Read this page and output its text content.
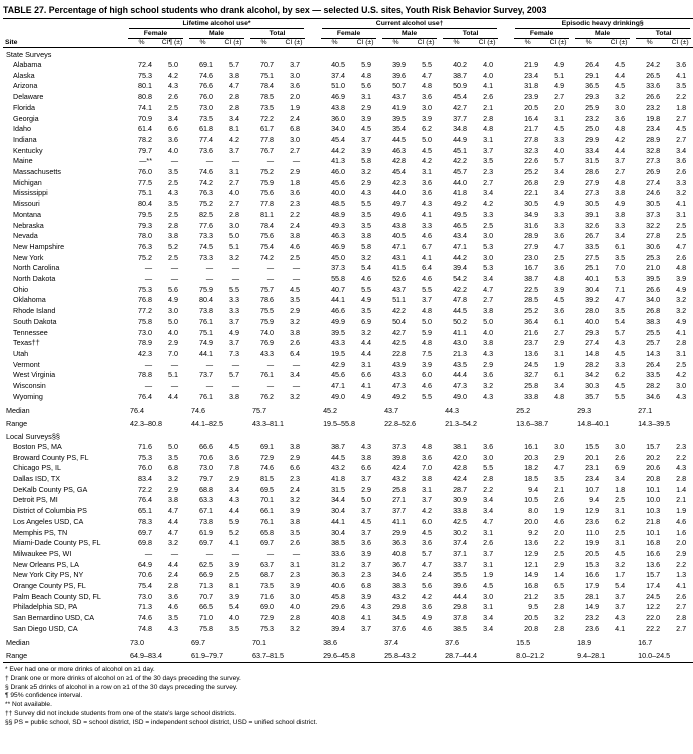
TABLE 27. Percentage of high school students who drank alcohol, by sex — selected U.S. sites, Youth Risk Behavior Survey, 2003

	Lifetime alcohol use*							Current alcohol use†							Episodic heavy drinking§					

	Female		Male		Total			Female		Male		Total			Female		Male		Total	

Site	%	CI¶ (±)	%	CI (±)	%	CI (±)		%	CI (±)	%	CI (±)	%	CI (±)		%	CI (±)	%	CI (±)	%	CI (±)
State Surveys																				
Alabama	72.4	5.0	69.1	5.7	70.7	3.7		40.5	5.9	39.9	5.5	40.2	4.0		21.9	4.9	26.4	4.5	24.2	3.6
Alaska	75.3	4.2	74.6	3.8	75.1	3.0		37.4	4.8	39.6	4.7	38.7	4.0		23.4	5.1	29.1	4.4	26.5	4.1
Arizona	80.1	4.3	76.6	4.7	78.4	3.6		51.0	5.6	50.7	4.8	50.9	4.1		31.8	4.9	36.5	4.5	33.6	3.5
Delaware	80.8	2.6	76.0	2.8	78.5	2.0		46.9	3.1	43.7	3.6	45.4	2.6		23.9	2.7	29.3	3.2	26.6	2.2
Florida	74.1	2.5	73.0	2.8	73.5	1.9		43.8	2.9	41.9	3.0	42.7	2.1		20.5	2.0	25.9	3.0	23.2	1.8
Georgia	70.9	3.4	73.5	3.4	72.2	2.4		36.0	3.9	39.5	3.9	37.7	2.8		16.4	3.1	23.2	3.6	19.8	2.7
Idaho	61.4	6.6	61.8	8.1	61.7	6.8		34.0	4.5	35.4	6.2	34.8	4.8		21.7	4.5	25.0	4.8	23.4	4.5
Indiana	78.2	3.6	77.4	4.2	77.8	3.0		45.4	3.7	44.5	5.0	44.9	3.1		27.8	3.3	29.9	4.2	28.9	2.7
Kentucky	79.7	4.0	73.6	3.7	76.7	2.7		44.2	3.9	46.3	4.5	45.1	3.7		32.3	4.0	33.4	4.4	32.8	3.4
Maine	—**	—	—	—	—	—		41.3	5.8	42.8	4.2	42.2	3.5		22.6	5.7	31.5	3.7	27.3	3.6
Massachusetts	76.0	3.5	74.6	3.1	75.2	2.9		46.0	3.2	45.4	3.1	45.7	2.3		25.2	3.4	28.6	2.7	26.9	2.6
Michigan	77.5	2.5	74.2	2.7	75.9	1.8		45.6	2.9	42.3	3.6	44.0	2.7		26.8	2.9	27.9	4.8	27.4	3.3
Mississippi	75.1	4.3	76.3	4.0	75.6	3.6		40.0	4.3	44.0	3.6	41.8	3.4		22.1	3.4	27.3	3.8	24.6	3.2
Missouri	80.4	3.5	75.2	2.7	77.8	2.3		48.5	5.5	49.7	4.3	49.2	4.2		30.5	4.9	30.5	4.9	30.5	4.1
Montana	79.5	2.5	82.5	2.8	81.1	2.2		48.9	3.5	49.6	4.1	49.5	3.3		34.9	3.3	39.1	3.8	37.3	3.1
Nebraska	79.3	2.8	77.6	3.0	78.4	2.4		49.3	3.5	43.8	3.3	46.5	2.5		31.6	3.3	32.6	3.3	32.2	2.5
Nevada	78.0	3.8	73.3	5.0	75.6	3.8		46.3	3.8	40.5	4.6	43.4	3.0		28.9	3.6	26.7	3.4	27.8	2.5
New Hampshire	76.3	5.2	74.5	5.1	75.4	4.6		46.9	5.8	47.1	6.7	47.1	5.3		27.9	4.7	33.5	6.1	30.6	4.7
New York	75.2	2.5	73.3	3.2	74.2	2.5		45.0	3.2	43.1	4.1	44.2	3.0		23.0	2.5	27.5	3.5	25.3	2.6
North Carolina	—	—	—	—	—	—		37.3	5.4	41.5	6.4	39.4	5.3		16.7	3.6	25.1	7.0	21.0	4.8
North Dakota	—	—	—	—	—	—		55.8	4.6	52.6	4.6	54.2	3.4		38.7	4.8	40.1	5.3	39.5	3.9
Ohio	75.3	5.6	75.9	5.5	75.7	4.5		40.7	5.5	43.7	5.5	42.2	4.7		22.5	3.9	30.4	7.1	26.6	4.9
Oklahoma	76.8	4.9	80.4	3.3	78.6	3.5		44.1	4.9	51.1	3.7	47.8	2.7		28.5	4.5	39.2	4.7	34.0	3.2
Rhode Island	77.2	3.0	73.8	3.3	75.5	2.9		46.6	3.5	42.2	4.8	44.5	3.8		25.2	3.6	28.0	3.5	26.8	3.2
South Dakota	75.8	5.0	76.1	3.7	75.9	3.2		49.9	6.9	50.4	5.0	50.2	5.0		36.4	6.1	40.0	5.4	38.3	4.9
Tennessee	73.0	4.0	75.1	4.9	74.0	3.8		39.5	3.2	42.7	5.9	41.1	4.0		21.6	2.7	29.3	5.7	25.5	4.1
Texas††	78.9	2.9	74.9	3.7	76.9	2.6		43.3	4.4	42.5	4.8	43.0	3.8		23.7	2.9	27.4	4.3	25.7	2.8
Utah	42.3	7.0	44.1	7.3	43.3	6.4		19.5	4.4	22.8	7.5	21.3	4.3		13.6	3.1	14.8	4.5	14.3	3.1
Vermont	—	—	—	—	—	—		42.9	3.1	43.9	3.9	43.5	2.9		24.5	1.9	28.2	3.3	26.4	2.5
West Virginia	78.8	5.1	73.7	5.7	76.1	3.4		45.6	6.6	43.3	6.0	44.4	3.6		32.7	6.1	34.2	6.2	33.5	4.2
Wisconsin	—	—	—	—	—	—		47.1	4.1	47.3	4.6	47.3	3.2		25.8	3.4	30.3	4.5	28.2	3.0
Wyoming	76.4	4.4	76.1	3.8	76.2	3.2		49.0	4.9	49.2	5.5	49.0	4.3		33.8	4.8	35.7	5.5	34.6	4.3
Median	76.4		74.6		75.7			45.2		43.7		44.3			25.2		29.3		27.1	
Range	42.3–80.8		44.1–82.5		43.3–81.1			19.5–55.8		22.8–52.6		21.3–54.2			13.6–38.7		14.8–40.1		14.3–39.5	
Local Surveys§§																				
Boston PS, MA	71.6	5.0	66.6	4.5	69.1	3.8		38.7	4.3	37.3	4.8	38.1	3.6		16.1	3.0	15.5	3.0	15.7	2.3
Broward County PS, FL	75.3	3.5	70.6	3.6	72.9	2.9		44.5	3.8	39.8	3.6	42.0	3.0		20.3	2.9	20.1	2.6	20.2	2.2
Chicago PS, IL	76.0	6.8	73.0	7.8	74.6	6.6		43.2	6.6	42.4	7.0	42.8	5.5		18.2	4.7	23.1	6.9	20.6	4.3
Dallas ISD, TX	83.4	3.2	79.7	2.9	81.5	2.3		41.8	3.7	43.2	3.8	42.4	2.8		18.5	3.5	23.4	3.4	20.8	2.8
DeKalb County PS, GA	72.2	2.9	68.8	3.4	69.5	2.4		31.5	2.9	25.8	3.1	28.7	2.2		9.4	2.1	10.7	1.8	10.1	1.4
Detroit PS, MI	76.4	3.8	63.3	4.3	70.1	3.2		34.4	5.0	27.1	3.7	30.9	3.4		10.5	2.6	9.4	2.5	10.0	2.1
District of Columbia PS	65.1	4.7	67.1	4.4	66.1	3.9		30.4	3.7	37.7	4.2	33.8	3.4		8.0	1.9	12.9	3.1	10.3	1.9
Los Angeles USD, CA	78.3	4.4	73.8	5.9	76.1	3.8		44.1	4.5	41.1	6.0	42.5	4.7		20.0	4.6	23.6	6.2	21.8	4.6
Memphis PS, TN	69.7	4.7	61.9	5.2	65.8	3.5		30.4	3.7	29.9	4.5	30.2	3.1		9.2	2.0	11.0	2.5	10.1	1.6
Miami-Dade County PS, FL	69.8	3.2	69.7	4.1	69.7	2.6		38.5	3.6	36.3	3.6	37.4	2.6		13.6	2.2	19.9	3.1	16.8	2.0
Milwaukee PS, WI	—	—	—	—	—	—		33.6	3.9	40.8	5.7	37.1	3.7		12.9	2.5	20.5	4.5	16.6	2.9
New Orleans PS, LA	64.9	4.4	62.5	3.9	63.7	3.1		31.2	3.7	36.7	4.7	33.7	3.1		12.1	2.9	15.3	3.2	13.6	2.2
New York City PS, NY	70.6	2.4	66.9	2.5	68.7	2.3		36.3	2.3	34.6	2.4	35.5	1.9		14.9	1.4	16.6	1.7	15.7	1.3
Orange County PS, FL	75.4	2.8	71.3	8.1	73.5	3.9		40.6	6.8	38.3	5.6	39.6	4.5		16.8	6.5	17.9	5.4	17.4	4.1
Palm Beach County SD, FL	73.0	3.6	70.7	3.9	71.6	3.0		45.8	3.9	43.2	4.2	44.4	3.0		21.2	3.5	28.1	3.7	24.5	2.6
Philadelphia SD, PA	71.3	4.6	66.5	5.4	69.0	4.0		29.6	4.3	29.8	3.6	29.8	3.1		9.5	2.8	14.9	3.7	12.2	2.7
San Bernardino USD, CA	74.6	3.5	71.0	4.0	72.9	2.8		40.8	4.1	34.5	4.9	37.8	3.4		20.5	3.2	23.2	4.3	22.0	2.8
San Diego USD, CA	74.8	4.3	75.8	3.5	75.3	3.2		39.4	3.7	37.6	4.6	38.5	3.4		20.8	2.8	23.6	4.1	22.2	2.7
Median	73.0		69.7		70.1			38.6		37.4		37.6			15.5		18.9		16.7	
Range	64.9–83.4		61.9–79.7		63.7–81.5			29.6–45.8		25.8–43.2		28.7–44.4			8.0–21.2		9.4–28.1		10.0–24.5	
* Ever had one or more drinks of alcohol on ≥1 day.
† Drank one or more drinks of alcohol on ≥1 of the 30 days preceding the survey.
§ Drank ≥5 drinks of alcohol in a row on ≥1 of the 30 days preceding the survey.
¶ 95% confidence interval.
** Not available.
†† Survey did not include students from one of the state's large school districts.
§§ PS = public school, SD = school district, ISD = independent school district, USD = unified school district.
